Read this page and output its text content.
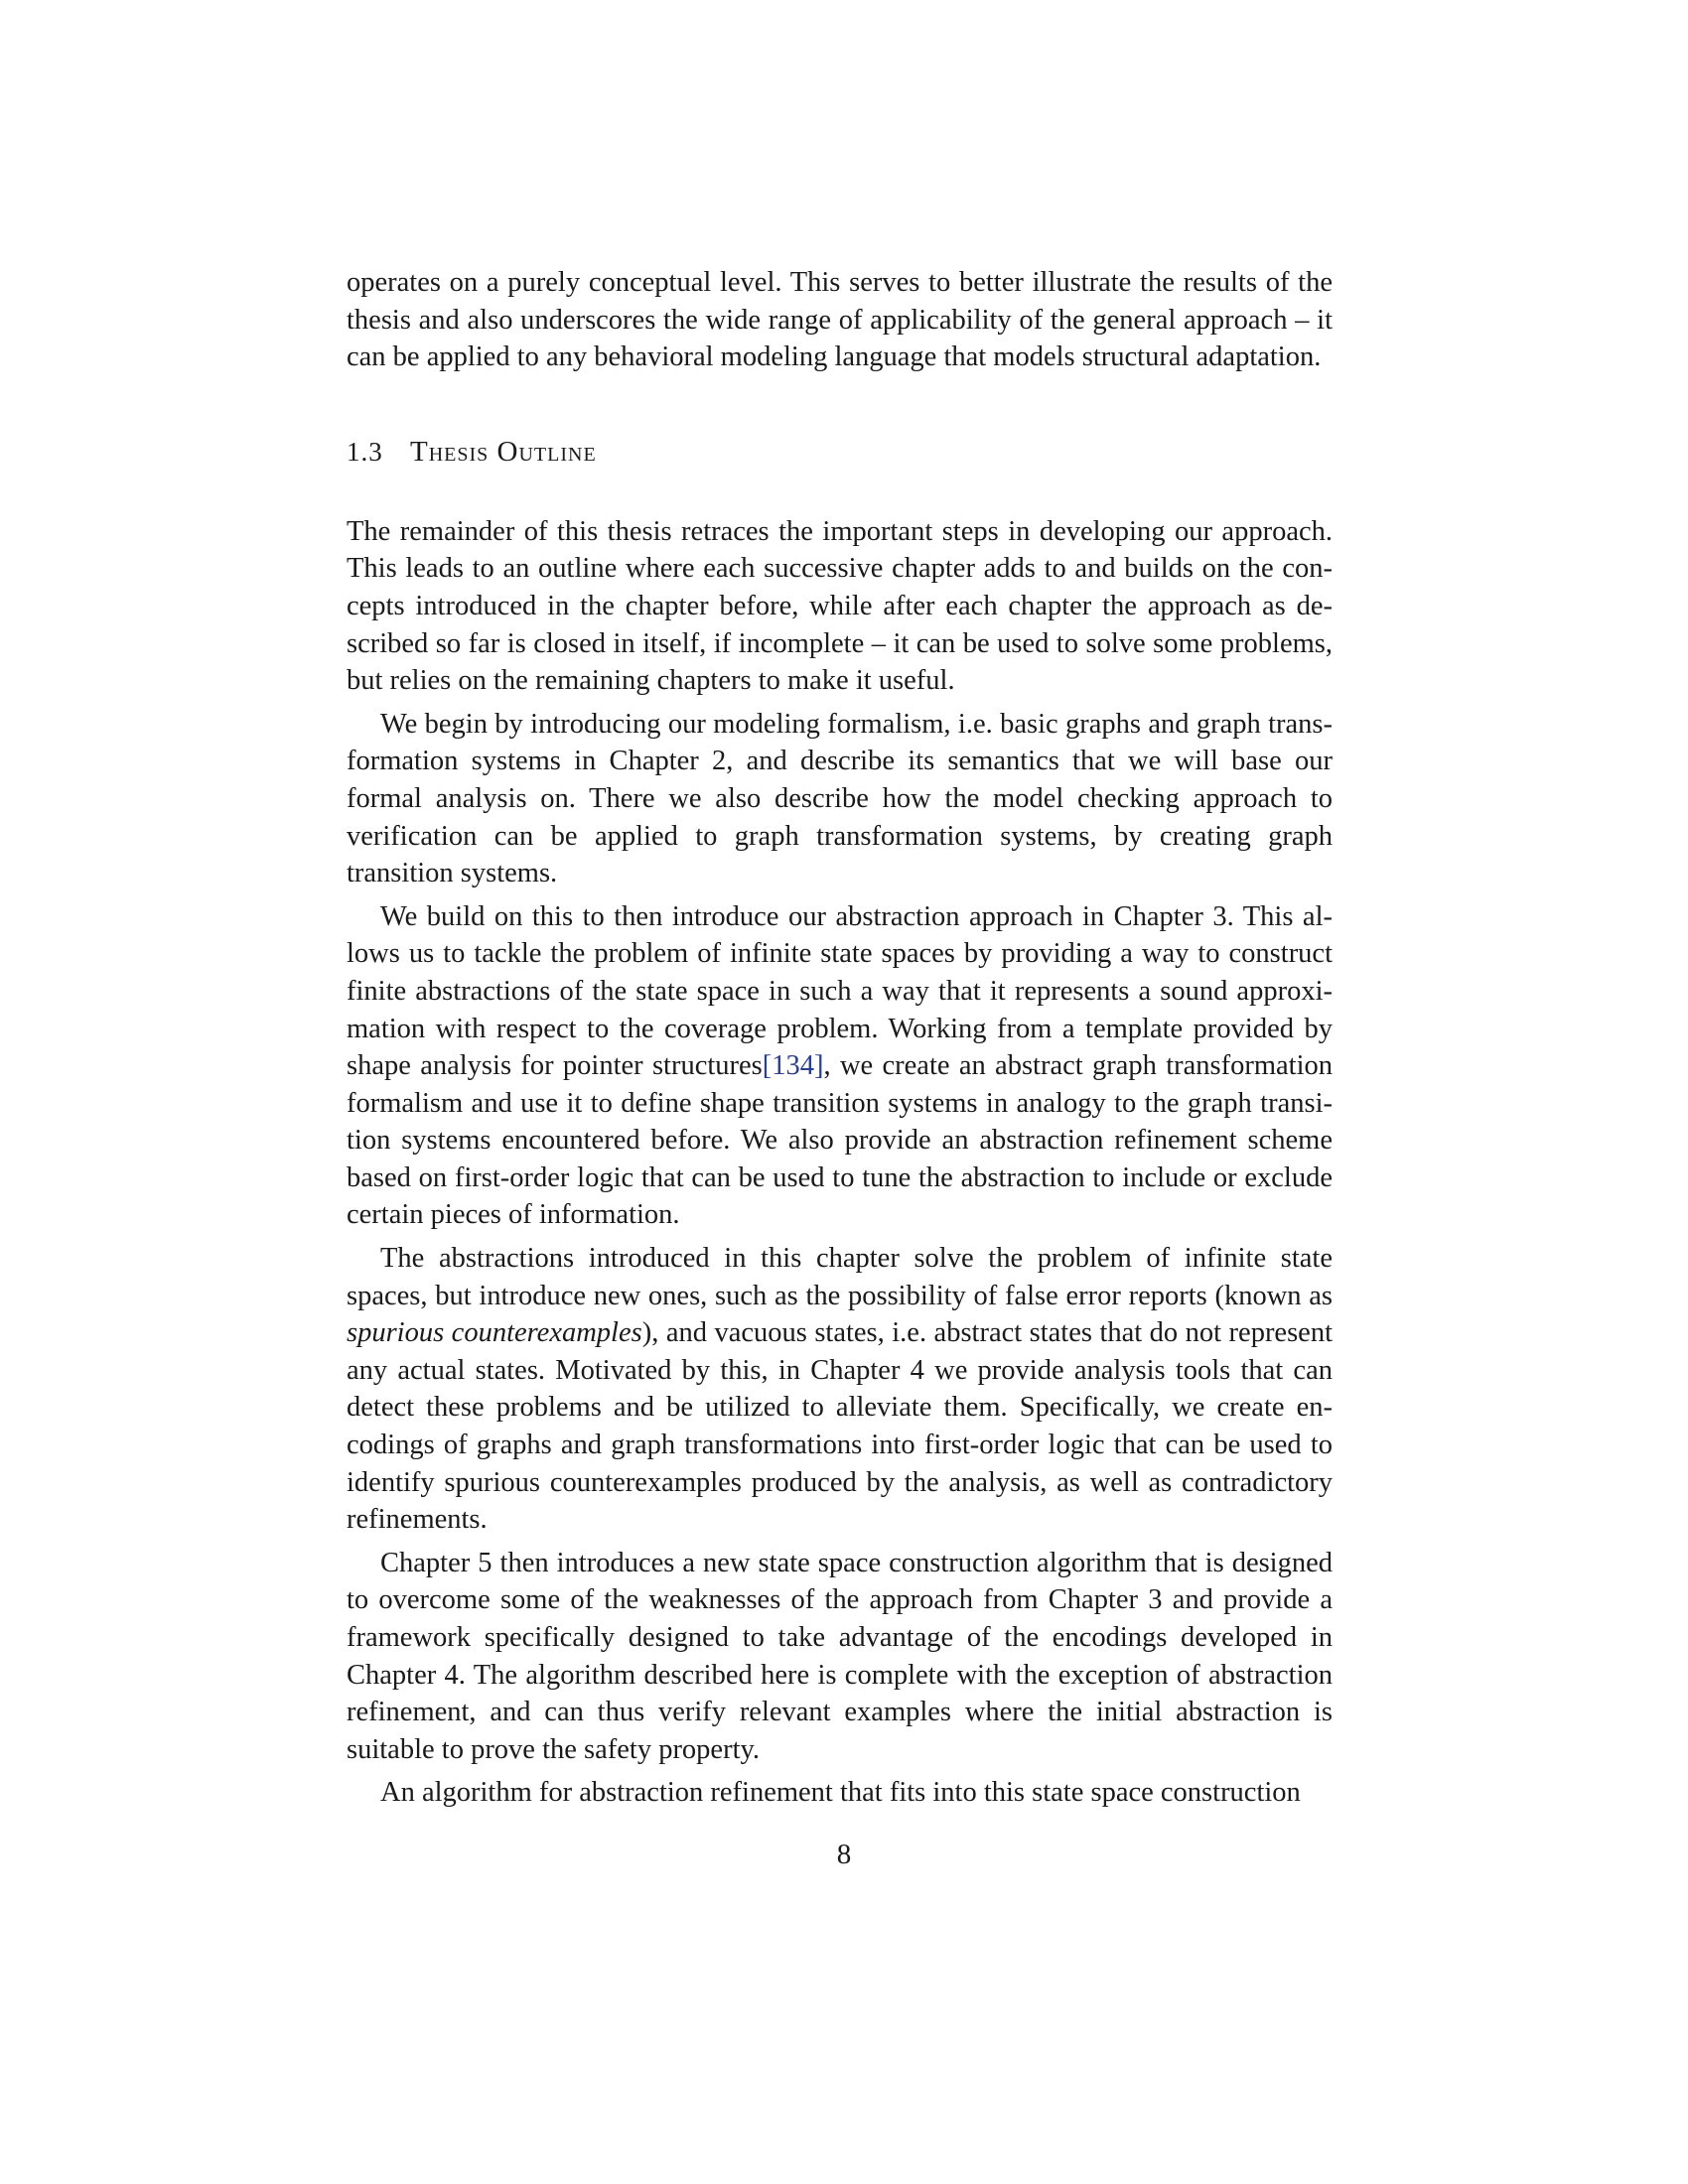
operates on a purely conceptual level. This serves to better illustrate the results of the thesis and also underscores the wide range of applicability of the general approach – it can be applied to any behavioral modeling language that models structural adaptation.

1.3 Thesis Outline

The remainder of this thesis retraces the important steps in developing our approach. This leads to an outline where each successive chapter adds to and builds on the concepts introduced in the chapter before, while after each chapter the approach as described so far is closed in itself, if incomplete – it can be used to solve some problems, but relies on the remaining chapters to make it useful.

We begin by introducing our modeling formalism, i.e. basic graphs and graph transformation systems in Chapter 2, and describe its semantics that we will base our formal analysis on. There we also describe how the model checking approach to verification can be applied to graph transformation systems, by creating graph transition systems.

We build on this to then introduce our abstraction approach in Chapter 3. This allows us to tackle the problem of infinite state spaces by providing a way to construct finite abstractions of the state space in such a way that it represents a sound approximation with respect to the coverage problem. Working from a template provided by shape analysis for pointer structures[134], we create an abstract graph transformation formalism and use it to define shape transition systems in analogy to the graph transition systems encountered before. We also provide an abstraction refinement scheme based on first-order logic that can be used to tune the abstraction to include or exclude certain pieces of information.

The abstractions introduced in this chapter solve the problem of infinite state spaces, but introduce new ones, such as the possibility of false error reports (known as spurious counterexamples), and vacuous states, i.e. abstract states that do not represent any actual states. Motivated by this, in Chapter 4 we provide analysis tools that can detect these problems and be utilized to alleviate them. Specifically, we create encodings of graphs and graph transformations into first-order logic that can be used to identify spurious counterexamples produced by the analysis, as well as contradictory refinements.

Chapter 5 then introduces a new state space construction algorithm that is designed to overcome some of the weaknesses of the approach from Chapter 3 and provide a framework specifically designed to take advantage of the encodings developed in Chapter 4. The algorithm described here is complete with the exception of abstraction refinement, and can thus verify relevant examples where the initial abstraction is suitable to prove the safety property.

An algorithm for abstraction refinement that fits into this state space construction

8
